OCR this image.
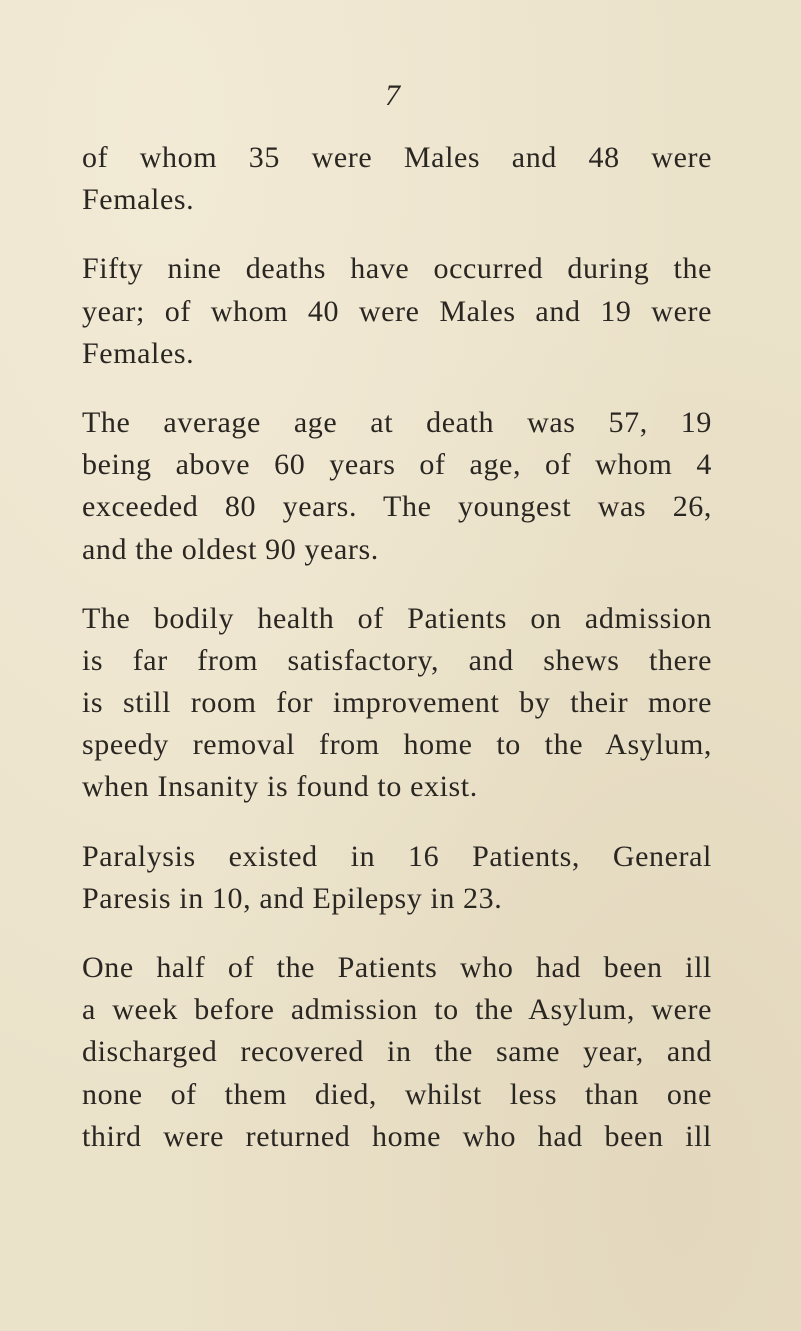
7

of whom 35 were Males and 48 were
Females.

Fifty nine deaths have occurred during the
year; of whom 40 were Males and 19 were
Females.

The average age at death was 57, 19
being above 60 years of age, of whom 4
exceeded 80 years. The youngest was 26,
and the oldest 90 years.

The bodily health of Patients on admission
is far from satisfactory, and shews there
is still room for improvement by their more
speedy removal from home to the Asylum,
when Insanity is found to exist.

Paralysis existed in 16 Patients, General
Paresis in 10, and Epilepsy in 23.

One half of the Patients who had been ill
a week before admission to the Asylum, were
discharged recovered in the same year, and
none of them died, whilst less than one
third were returned home who had been ill
